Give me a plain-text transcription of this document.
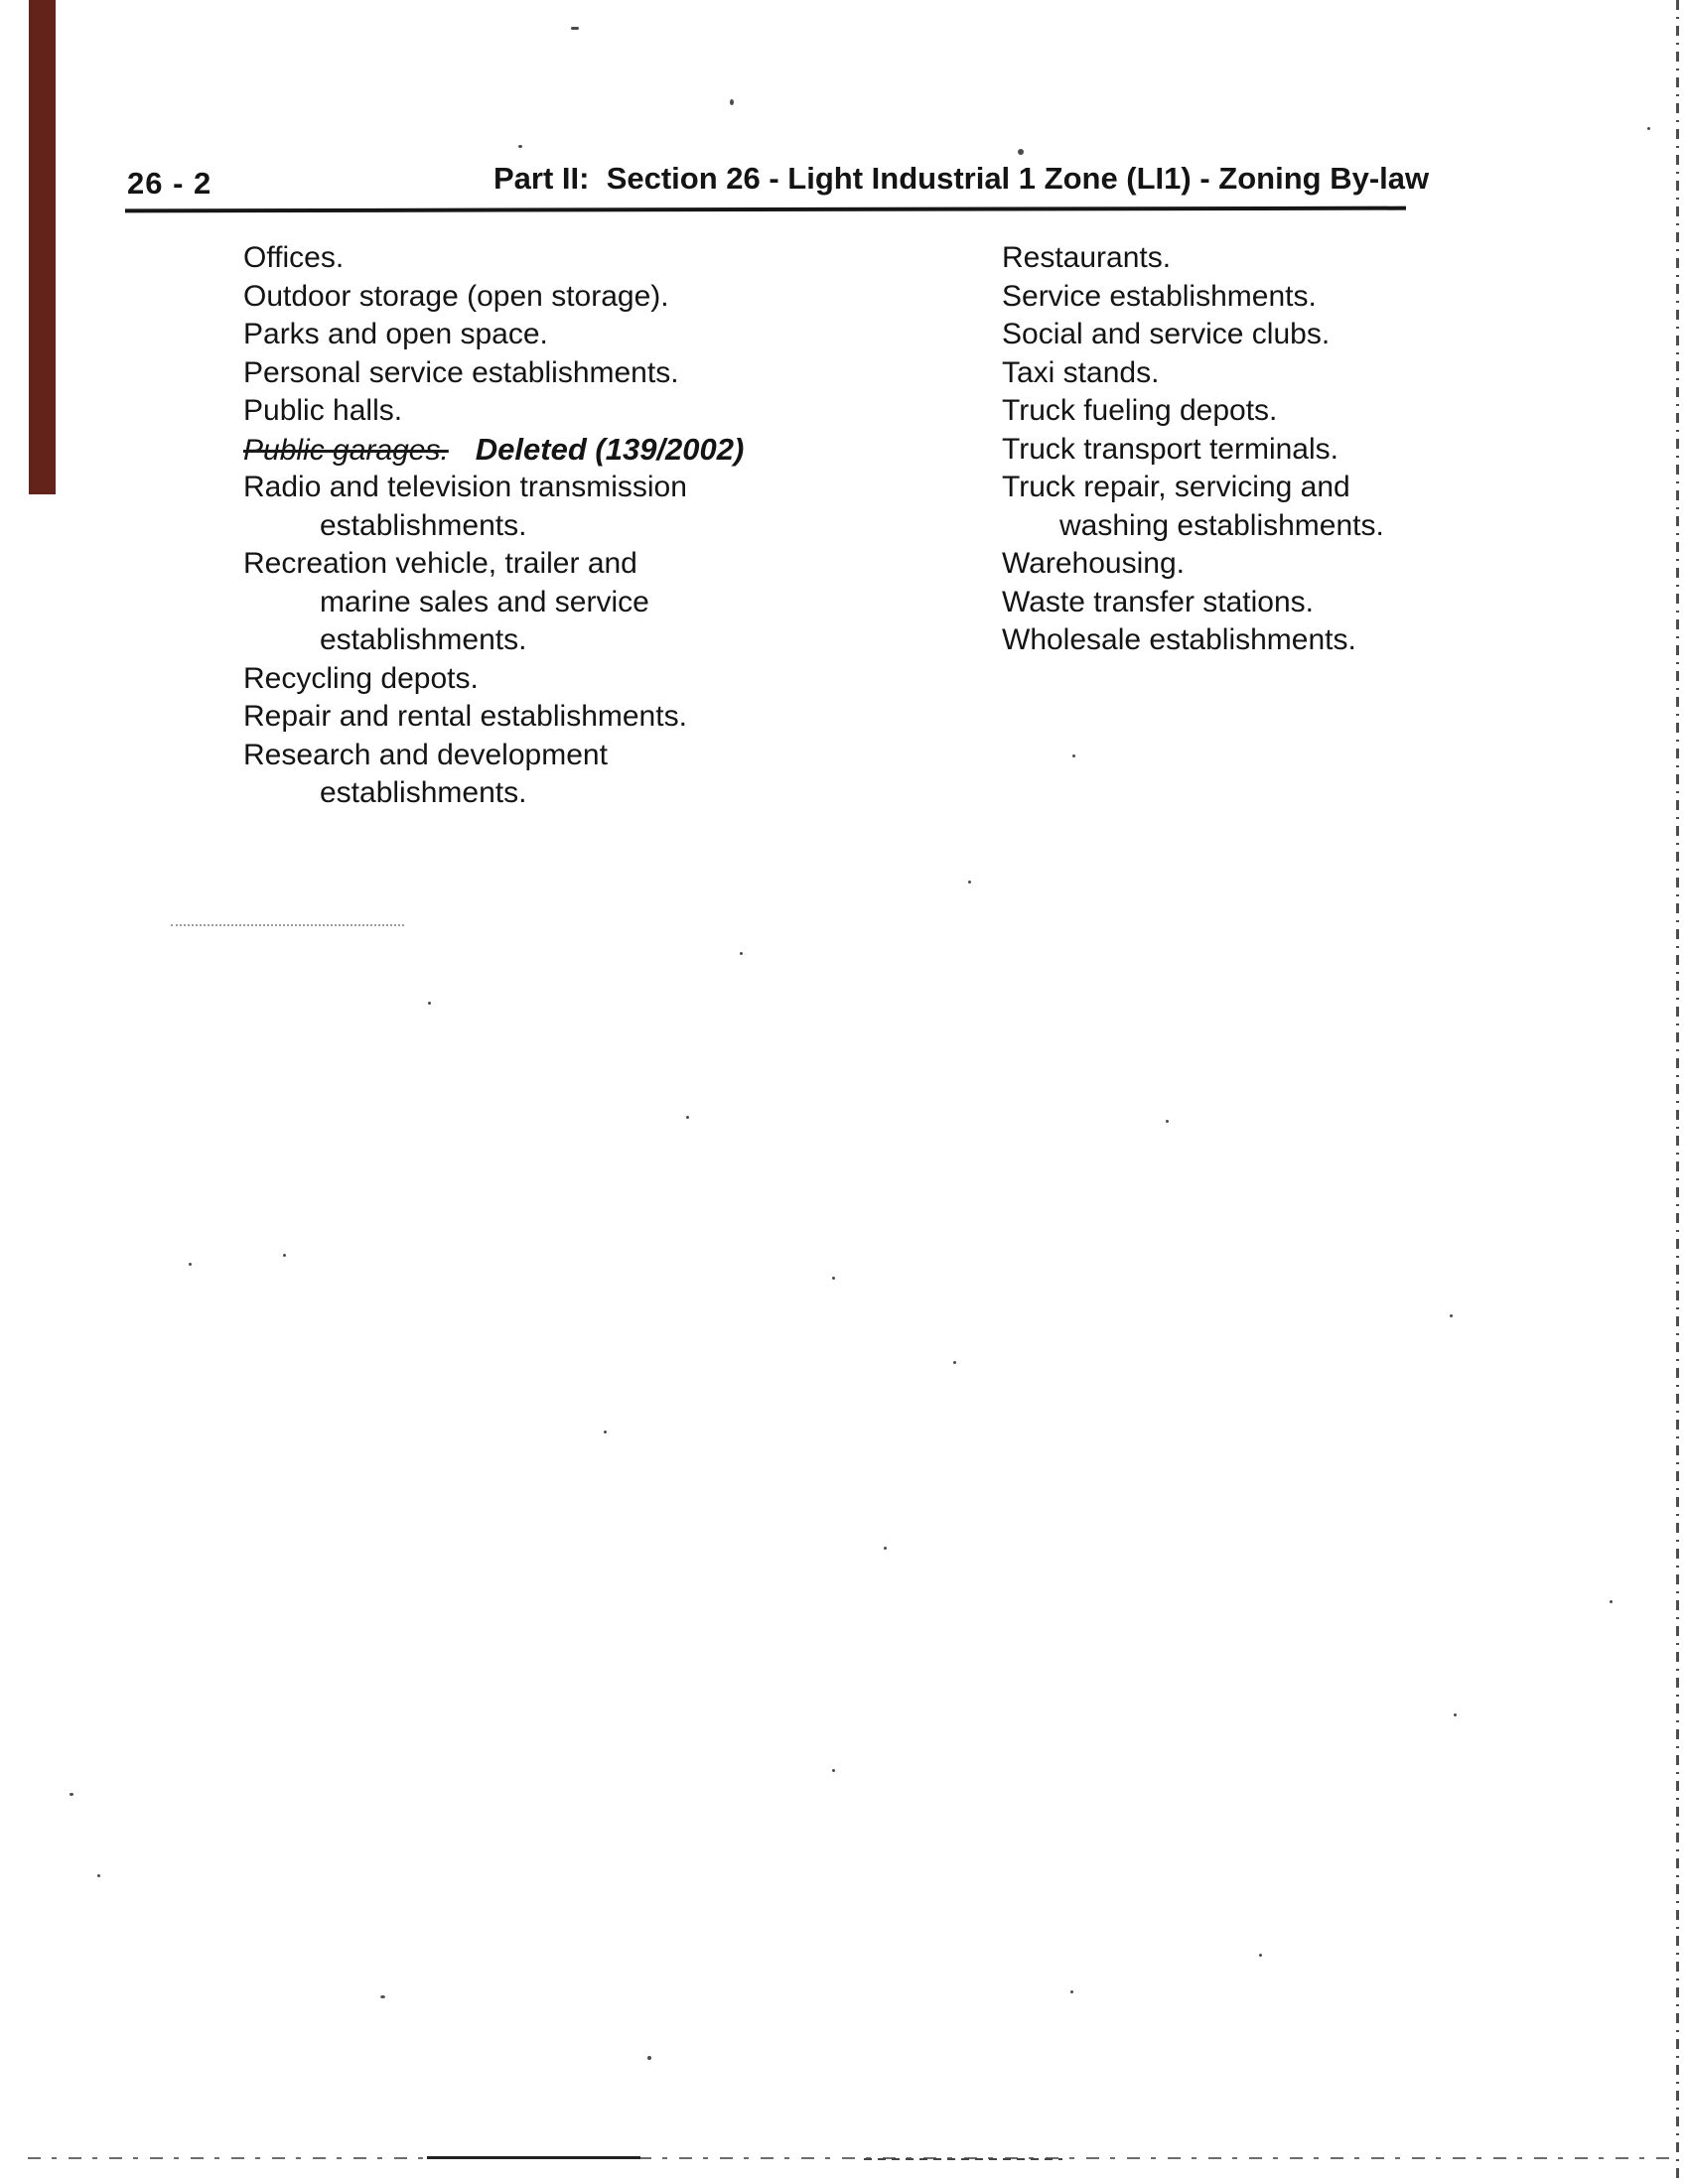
26 - 2	Part II:  Section 26 - Light Industrial 1 Zone (LI1) - Zoning By-law
Offices.
Outdoor storage (open storage).
Parks and open space.
Personal service establishments.
Public halls.
Public garages. Deleted (139/2002)
Radio and television transmission
establishments.
Recreation vehicle, trailer and
marine sales and service
establishments.
Recycling depots.
Repair and rental establishments.
Research and development
establishments.
Restaurants.
Service establishments.
Social and service clubs.
Taxi stands.
Truck fueling depots.
Truck transport terminals.
Truck repair, servicing and
washing establishments.
Warehousing.
Waste transfer stations.
Wholesale establishments.
